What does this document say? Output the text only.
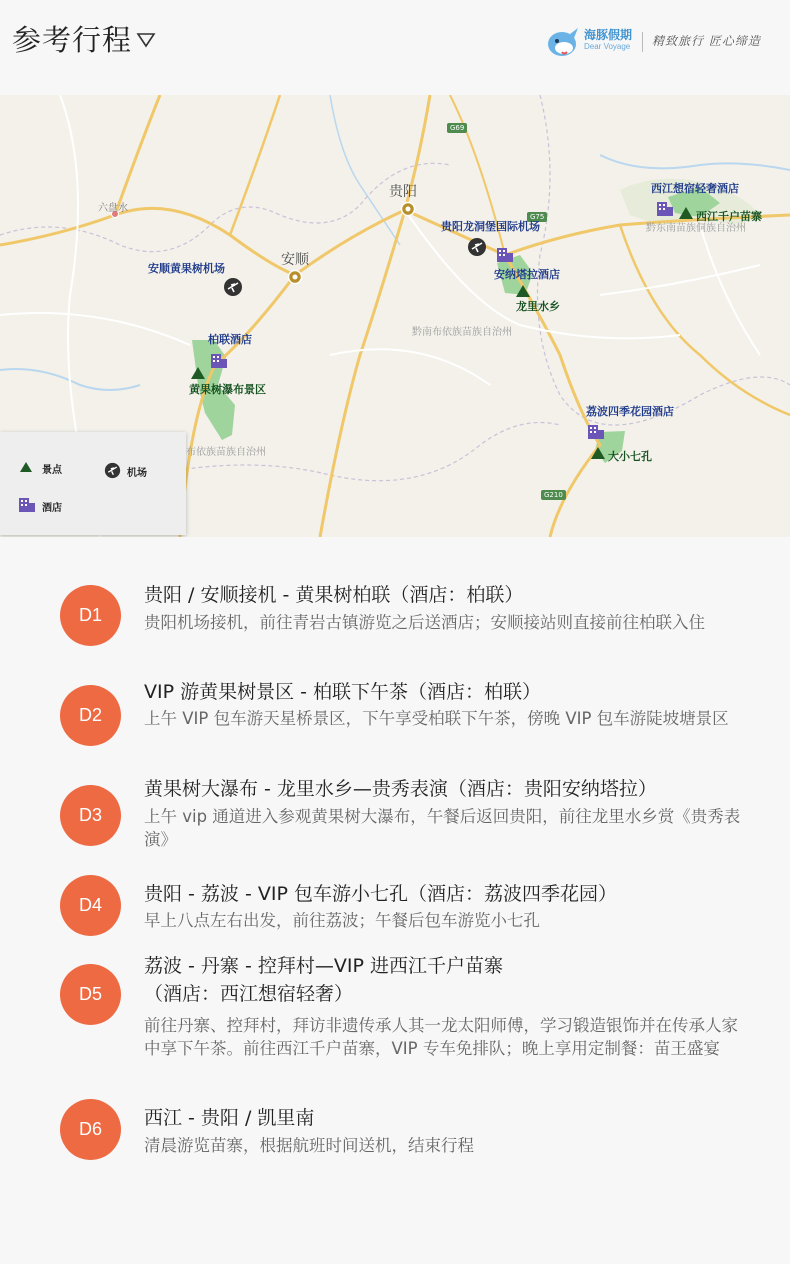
参考行程	海豚假期
Dear Voyage 精致旅行 匠心缔造
贵阳
安顺
六盘水
黔南布依族苗族自治州
黔东南苗族侗族自治州
布依族苗族自治州
G69
G210
G75
安顺黄果树机场
贵阳龙洞堡国际机场
安纳塔拉酒店
龙里水乡
西江想宿轻奢酒店
西江千户苗寨
柏联酒店
黄果树瀑布景区
荔波四季花园酒店
大小七孔
景点	机场
酒店
D1
贵阳 / 安顺接机 - 黄果树柏联（酒店：柏联）
贵阳机场接机，前往青岩古镇游览之后送酒店；安顺接站则直接前往柏联入住
D2
VIP 游黄果树景区 - 柏联下午茶（酒店：柏联）
上午 VIP 包车游天星桥景区，下午享受柏联下午茶，傍晚 VIP 包车游陡坡塘景区
D3
黄果树大瀑布 - 龙里水乡—贵秀表演（酒店：贵阳安纳塔拉）
上午 vip 通道进入参观黄果树大瀑布，午餐后返回贵阳，前往龙里水乡赏《贵秀表演》
D4	贵阳 - 荔波 - VIP 包车游小七孔（酒店：荔波四季花园）
早上八点左右出发，前往荔波；午餐后包车游览小七孔
D5
荔波 - 丹寨 - 控拜村—VIP 进西江千户苗寨
（酒店：西江想宿轻奢）
前往丹寨、控拜村，拜访非遗传承人其一龙太阳师傅，学习锻造银饰并在传承人家中享下午茶。前往西江千户苗寨，VIP 专车免排队；晚上享用定制餐：苗王盛宴
D6	西江 - 贵阳 / 凯里南
清晨游览苗寨，根据航班时间送机，结束行程
